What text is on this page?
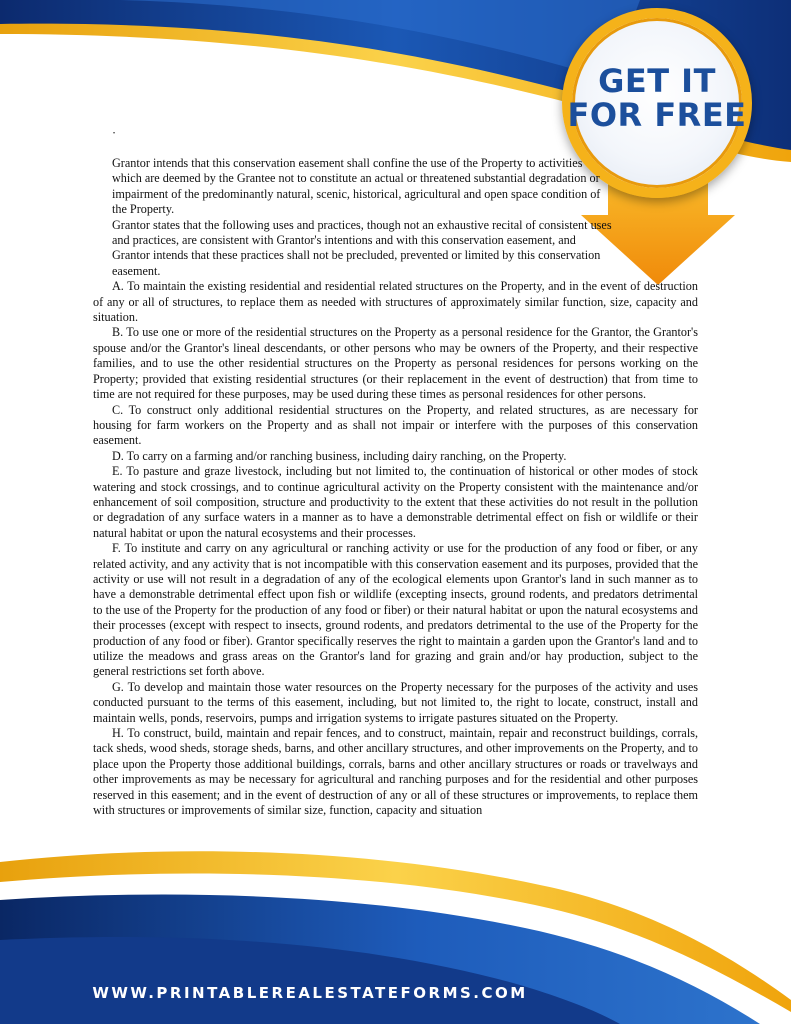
GET IT
FOR FREE

·

Grantor intends that this conservation easement shall confine the use of the Property to activities which are deemed by the Grantee not to constitute an actual or threatened substantial degradation or impairment of the predominantly natural, scenic, historical, agricultural and open space condition of the Property.

Grantor states that the following uses and practices, though not an exhaustive recital of consistent uses and practices, are consistent with Grantor's intentions and with this conservation easement, and Grantor intends that these practices shall not be precluded, prevented or limited by this conservation easement.

A. To maintain the existing residential and residential related structures on the Property, and in the event of destruction of any or all of structures, to replace them as needed with structures of approximately similar function, size, capacity and situation.

B. To use one or more of the residential structures on the Property as a personal residence for the Grantor, the Grantor's spouse and/or the Grantor's lineal descendants, or other persons who may be owners of the Property, and their respective families, and to use the other residential structures on the Property as personal residences for persons working on the Property; provided that existing residential structures (or their replacement in the event of destruction) that from time to time are not required for these purposes, may be used during these times as personal residences for other persons.

C. To construct only additional residential structures on the Property, and related structures, as are necessary for housing for farm workers on the Property and as shall not impair or interfere with the purposes of this conservation easement.

D. To carry on a farming and/or ranching business, including dairy ranching, on the Property.

E. To pasture and graze livestock, including but not limited to, the continuation of historical or other modes of stock watering and stock crossings, and to continue agricultural activity on the Property consistent with the maintenance and/or enhancement of soil composition, structure and productivity to the extent that these activities do not result in the pollution or degradation of any surface waters in a manner as to have a demonstrable detrimental effect on fish or wildlife or their natural habitat or upon the natural ecosystems and their processes.

F. To institute and carry on any agricultural or ranching activity or use for the production of any food or fiber, or any related activity, and any activity that is not incompatible with this conservation easement and its purposes, provided that the activity or use will not result in a degradation of any of the ecological elements upon Grantor's land in such manner as to have a demonstrable detrimental effect upon fish or wildlife (excepting insects, ground rodents, and predators detrimental to the use of the Property for the production of any food or fiber) or their natural habitat or upon the natural ecosystems and their processes (except with respect to insects, ground rodents, and predators detrimental to the use of the Property for the production of any food or fiber). Grantor specifically reserves the right to maintain a garden upon the Grantor's land and to utilize the meadows and grass areas on the Grantor's land for grazing and grain and/or hay production, subject to the general restrictions set forth above.

G. To develop and maintain those water resources on the Property necessary for the purposes of the activity and uses conducted pursuant to the terms of this easement, including, but not limited to, the right to locate, construct, install and maintain wells, ponds, reservoirs, pumps and irrigation systems to irrigate pastures situated on the Property.

H. To construct, build, maintain and repair fences, and to construct, maintain, repair and reconstruct buildings, corrals, tack sheds, wood sheds, storage sheds, barns, and other ancillary structures, and other improvements on the Property, and to place upon the Property those additional buildings, corrals, barns and other ancillary structures or roads or travelways and other improvements as may be necessary for agricultural and ranching purposes and for the residential and other purposes reserved in this easement; and in the event of destruction of any or all of these structures or improvements, to replace them with structures or improvements of similar size, function, capacity and situation

WWW.PRINTABLEREALESTATEFORMS.COM
